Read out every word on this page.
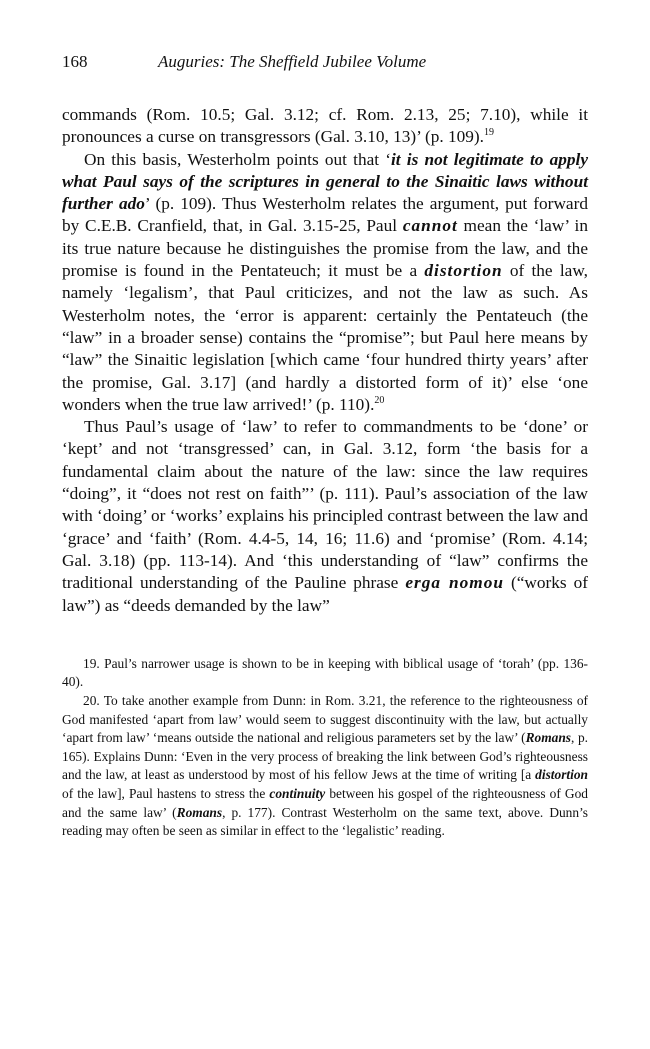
168	Auguries: The Sheffield Jubilee Volume

commands (Rom. 10.5; Gal. 3.12; cf. Rom. 2.13, 25; 7.10), while it pronounces a curse on transgressors (Gal. 3.10, 13)’ (p. 109).$^{19}$

On this basis, Westerholm points out that ‘it is not legitimate to apply what Paul says of the scriptures in general to the Sinaitic laws without further ado’ (p. 109). Thus Westerholm relates the argument, put forward by C.E.B. Cranfield, that, in Gal. 3.15-25, Paul cannot mean the ‘law’ in its true nature because he distinguishes the promise from the law, and the promise is found in the Pentateuch; it must be a distortion of the law, namely ‘legalism’, that Paul criticizes, and not the law as such. As Westerholm notes, the ‘error is apparent: certainly the Pentateuch (the “law” in a broader sense) contains the “promise”; but Paul here means by “law” the Sinaitic legislation [which came ‘four hundred thirty years’ after the promise, Gal. 3.17] (and hardly a distorted form of it)’ else ‘one wonders when the true law arrived!’ (p. 110).$^{20}$

Thus Paul’s usage of ‘law’ to refer to commandments to be ‘done’ or ‘kept’ and not ‘transgressed’ can, in Gal. 3.12, form ‘the basis for a fundamental claim about the nature of the law: since the law requires “doing”, it “does not rest on faith”’ (p. 111). Paul’s association of the law with ‘doing’ or ‘works’ explains his principled contrast between the law and ‘grace’ and ‘faith’ (Rom. 4.4-5, 14, 16; 11.6) and ‘promise’ (Rom. 4.14; Gal. 3.18) (pp. 113-14). And ‘this understanding of “law” confirms the traditional understanding of the Pauline phrase erga nomou (“works of law”) as “deeds demanded by the law”

19. Paul’s narrower usage is shown to be in keeping with biblical usage of ‘torah’ (pp. 136-40).

20. To take another example from Dunn: in Rom. 3.21, the reference to the righteousness of God manifested ‘apart from law’ would seem to suggest discontinuity with the law, but actually ‘apart from law’ ‘means outside the national and religious parameters set by the law’ (Romans, p. 165). Explains Dunn: ‘Even in the very process of breaking the link between God’s righteousness and the law, at least as understood by most of his fellow Jews at the time of writing [a distortion of the law], Paul hastens to stress the continuity between his gospel of the righteousness of God and the same law’ (Romans, p. 177). Contrast Westerholm on the same text, above. Dunn’s reading may often be seen as similar in effect to the ‘legalistic’ reading.
